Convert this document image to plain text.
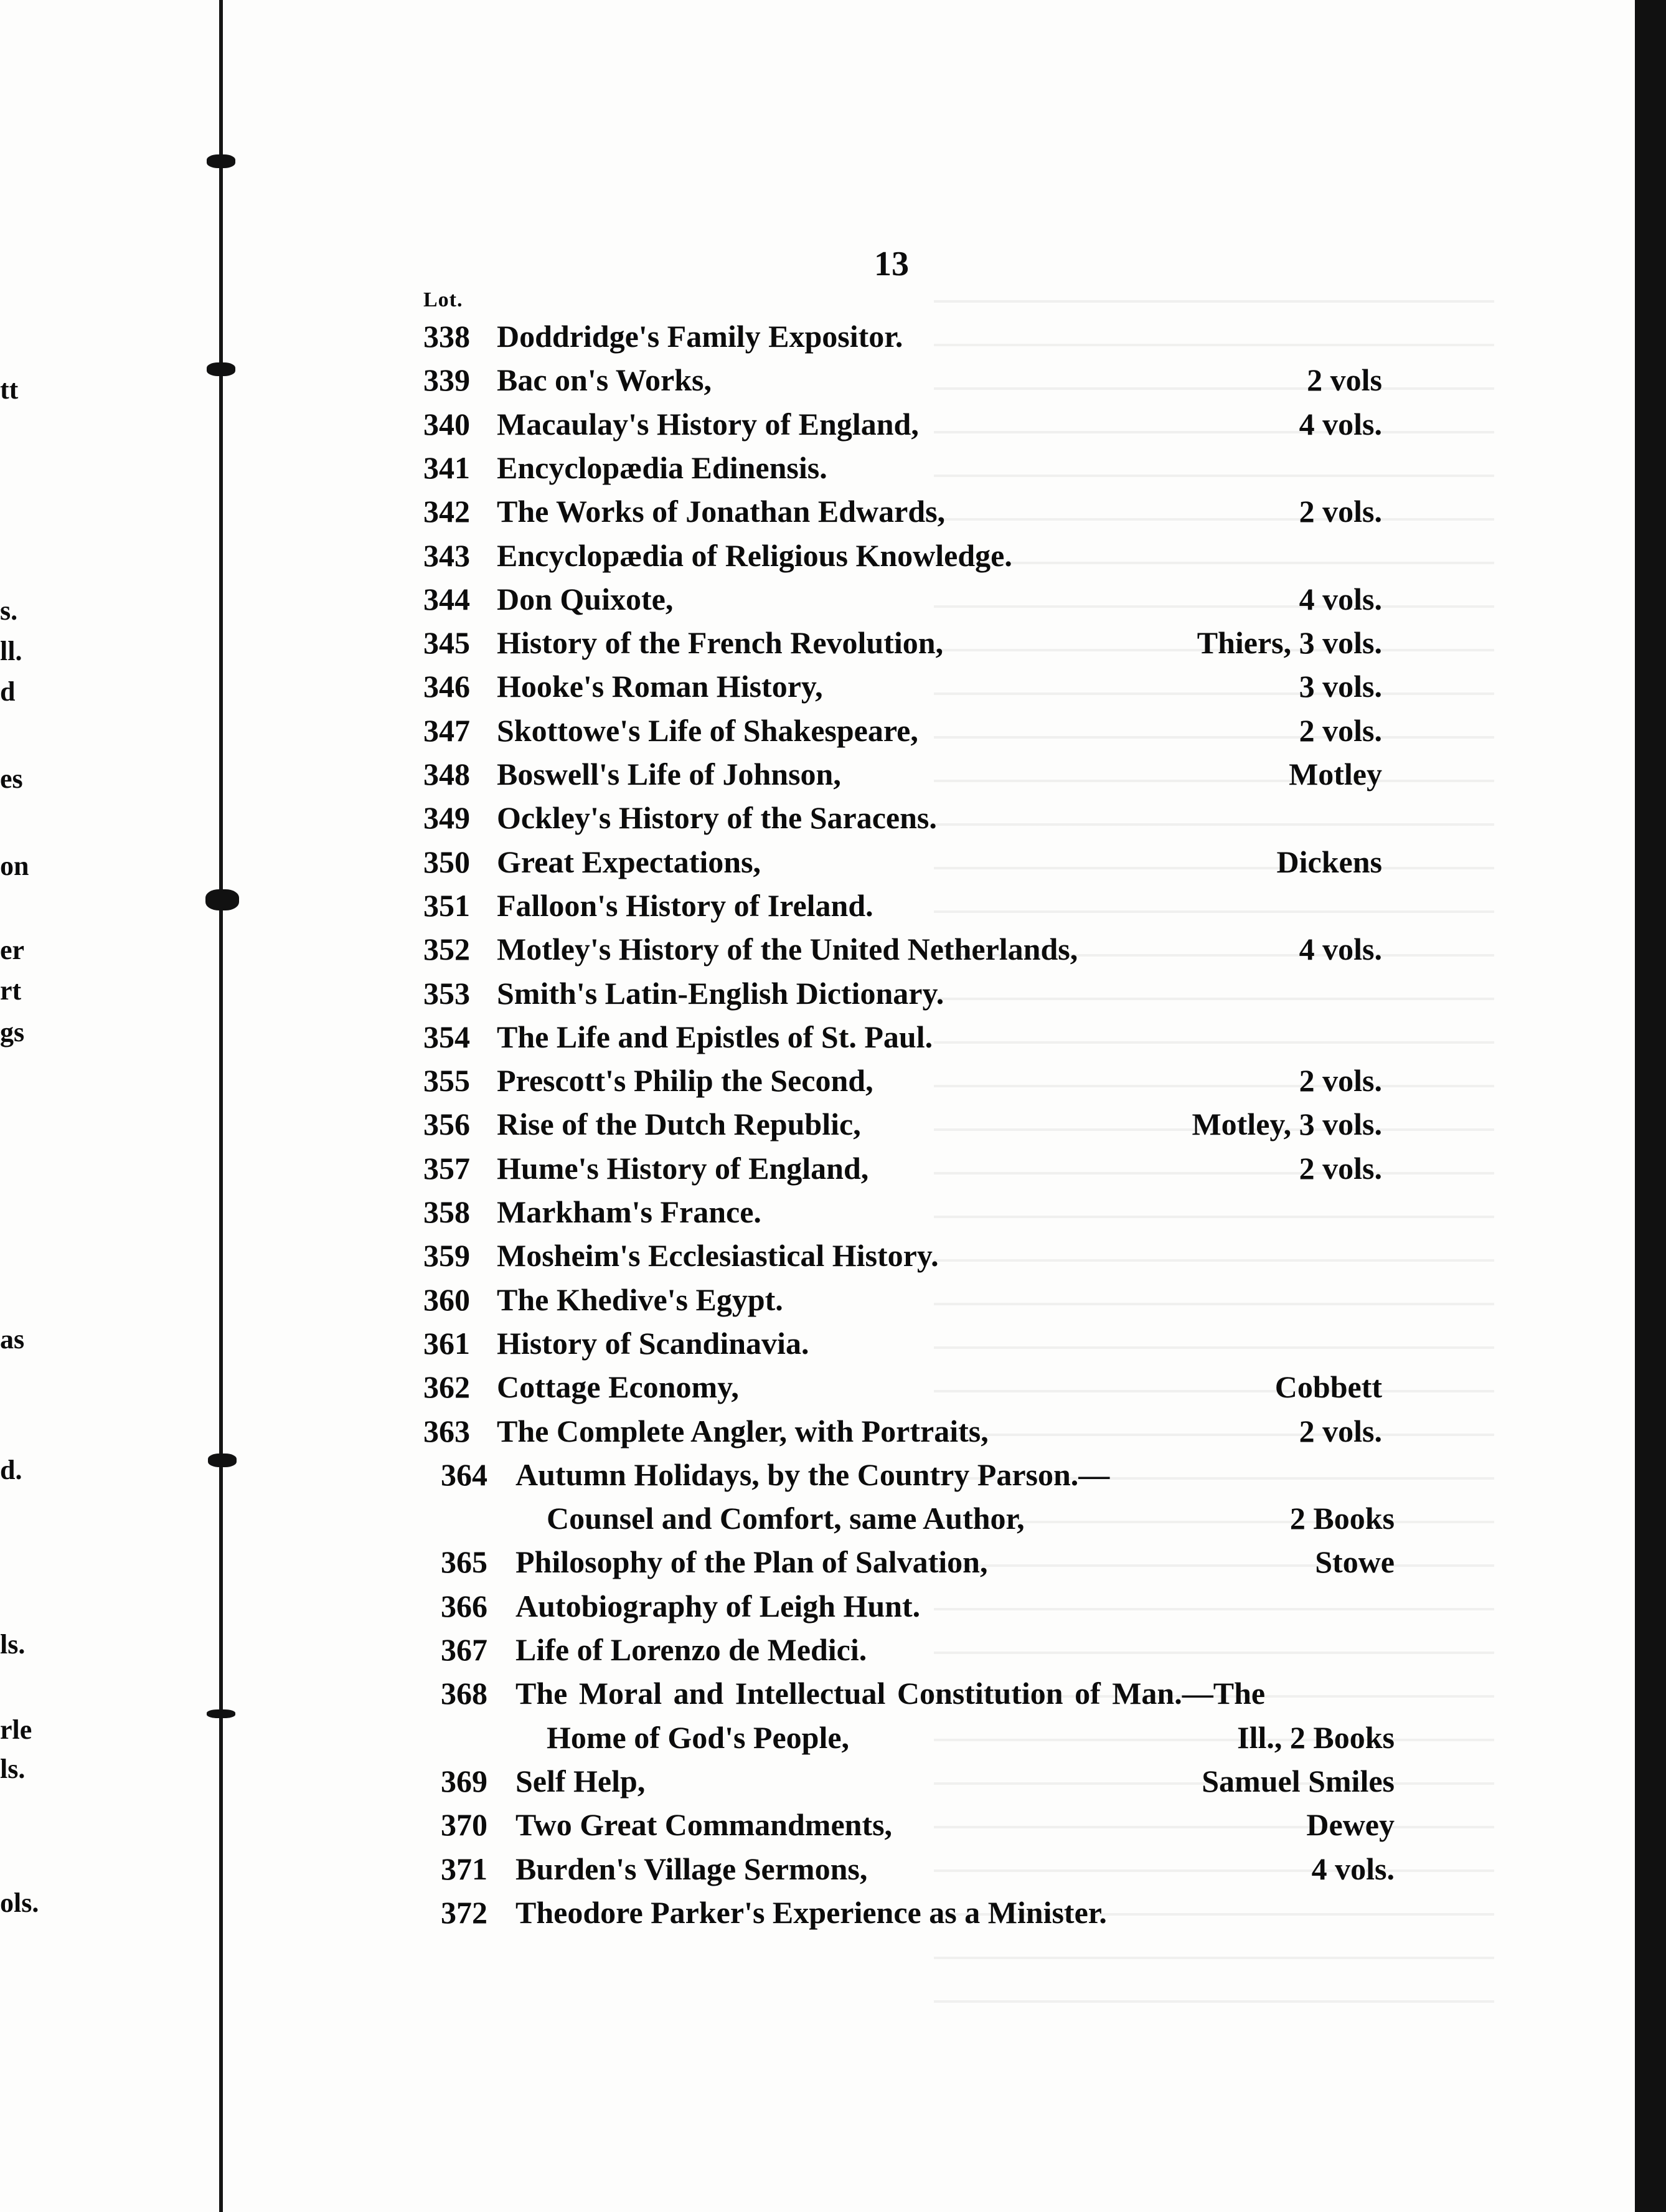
tt
s.
ll.
d
es
on
er
rt
gs
as
d.
ls.
rle
ls.
ols.
13
Lot.
338 Doddridge's Family Expositor.
339 Bac on's Works,	2 vols
340 Macaulay's History of England,	4 vols.
341 Encyclopædia Edinensis.
342 The Works of Jonathan Edwards,	2 vols.
343 Encyclopædia of Religious Knowledge.
344 Don Quixote,	4 vols.
345 History of the French Revolution,	Thiers, 3 vols.
346 Hooke's Roman History,	3 vols.
347 Skottowe's Life of Shakespeare,	2 vols.
348 Boswell's Life of Johnson,	Motley
349 Ockley's History of the Saracens.
350 Great Expectations,	Dickens
351 Falloon's History of Ireland.
352 Motley's History of the United Netherlands,	4 vols.
353 Smith's Latin-English Dictionary.
354 The Life and Epistles of St. Paul.
355 Prescott's Philip the Second,	2 vols.
356 Rise of the Dutch Republic,	Motley, 3 vols.
357 Hume's History of England,	2 vols.
358 Markham's France.
359 Mosheim's Ecclesiastical History.
360 The Khedive's Egypt.
361 History of Scandinavia.
362 Cottage Economy,	Cobbett
363 The Complete Angler, with Portraits,	2 vols.
364 Autumn Holidays, by the Country Parson.—
Counsel and Comfort, same Author,	2 Books
365 Philosophy of the Plan of Salvation,	Stowe
366 Autobiography of Leigh Hunt.
367 Life of Lorenzo de Medici.
368 The Moral and Intellectual Constitution of Man.—The
Home of God's People,	Ill., 2 Books
369 Self Help,	Samuel Smiles
370 Two Great Commandments,	Dewey
371 Burden's Village Sermons,	4 vols.
372 Theodore Parker's Experience as a Minister.
